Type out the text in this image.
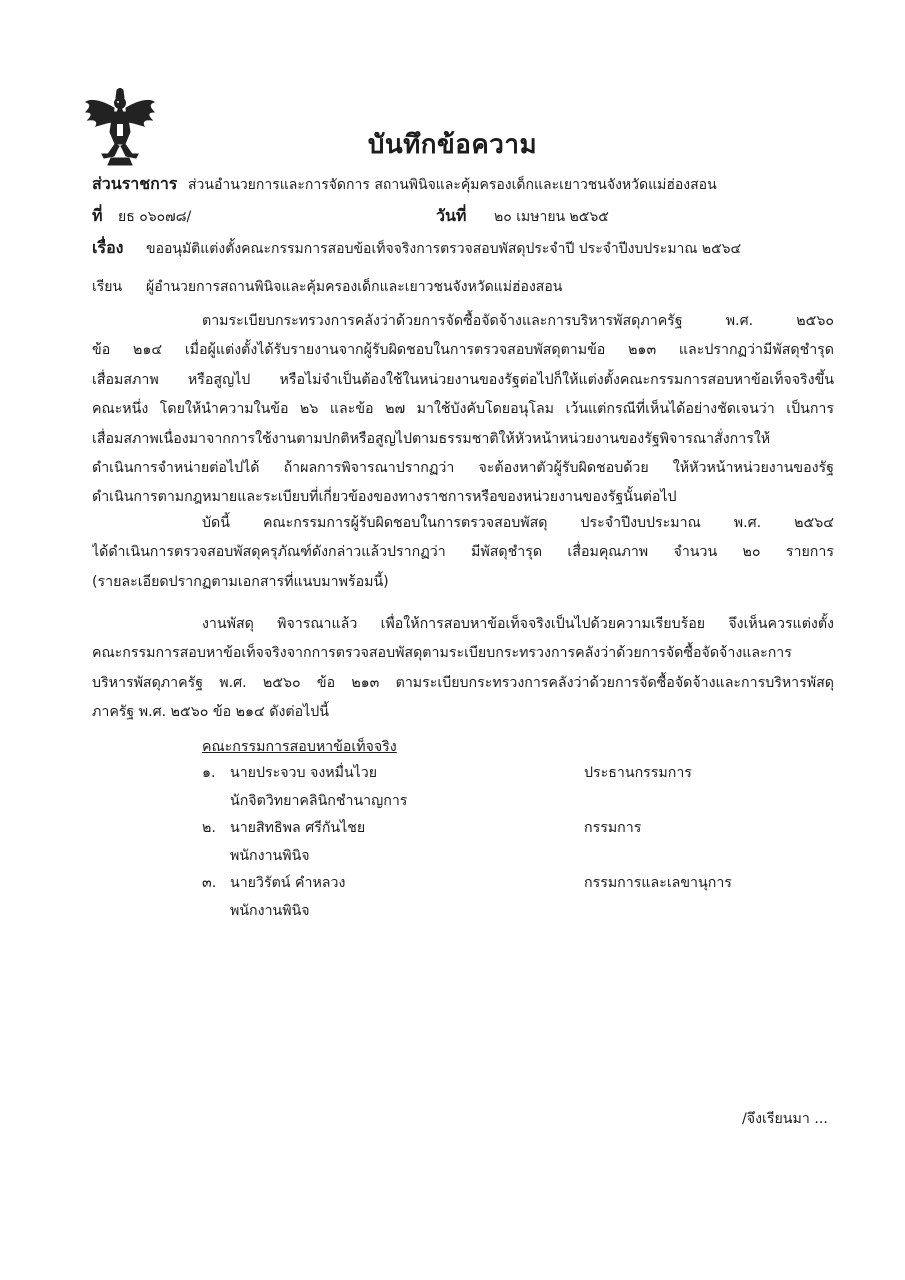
บันทึกข้อความ
ส่วนราชการ ส่วนอำนวยการและการจัดการ สถานพินิจและคุ้มครองเด็กและเยาวชนจังหวัดแม่ฮ่องสอน
ที่ ยธ ๐๖๐๗๘/	วันที่ ๒๐ เมษายน ๒๕๖๕
เรื่อง ขออนุมัติแต่งตั้งคณะกรรมการสอบข้อเท็จจริงการตรวจสอบพัสดุประจำปี ประจำปีงบประมาณ ๒๕๖๔
เรียน ผู้อำนวยการสถานพินิจและคุ้มครองเด็กและเยาวชนจังหวัดแม่ฮ่องสอน
ตามระเบียบกระทรวงการคลังว่าด้วยการจัดซื้อจัดจ้างและการบริหารพัสดุภาครัฐ พ.ศ. ๒๕๖๐
ข้อ ๒๑๔ เมื่อผู้แต่งตั้งได้รับรายงานจากผู้รับผิดชอบในการตรวจสอบพัสดุตามข้อ ๒๑๓ และปรากฏว่ามีพัสดุชำรุด
เสื่อมสภาพ หรือสูญไป หรือไม่จำเป็นต้องใช้ในหน่วยงานของรัฐต่อไปก็ให้แต่งตั้งคณะกรรมการสอบหาข้อเท็จจริงขึ้น
คณะหนึ่ง โดยให้นำความในข้อ ๒๖ และข้อ ๒๗ มาใช้บังคับโดยอนุโลม เว้นแต่กรณีที่เห็นได้อย่างชัดเจนว่า เป็นการ
เสื่อมสภาพเนื่องมาจากการใช้งานตามปกติหรือสูญไปตามธรรมชาติให้หัวหน้าหน่วยงานของรัฐพิจารณาสั่งการให้
ดำเนินการจำหน่ายต่อไปได้ ถ้าผลการพิจารณาปรากฏว่า จะต้องหาตัวผู้รับผิดชอบด้วย ให้หัวหน้าหน่วยงานของรัฐ
ดำเนินการตามกฎหมายและระเบียบที่เกี่ยวข้องของทางราชการหรือของหน่วยงานของรัฐนั้นต่อไป
บัดนี้ คณะกรรมการผู้รับผิดชอบในการตรวจสอบพัสดุ ประจำปีงบประมาณ พ.ศ. ๒๕๖๔
ได้ดำเนินการตรวจสอบพัสดุครุภัณฑ์ดังกล่าวแล้วปรากฏว่า มีพัสดุชำรุด เสื่อมคุณภาพ จำนวน ๒๐ รายการ
(รายละเอียดปรากฏตามเอกสารที่แนบมาพร้อมนี้)
งานพัสดุ พิจารณาแล้ว เพื่อให้การสอบหาข้อเท็จจริงเป็นไปด้วยความเรียบร้อย จึงเห็นควรแต่งตั้ง
คณะกรรมการสอบหาข้อเท็จจริงจากการตรวจสอบพัสดุตามระเบียบกระทรวงการคลังว่าด้วยการจัดซื้อจัดจ้างและการ
บริหารพัสดุภาครัฐ พ.ศ. ๒๕๖๐ ข้อ ๒๑๓ ตามระเบียบกระทรวงการคลังว่าด้วยการจัดซื้อจัดจ้างและการบริหารพัสดุ
ภาครัฐ พ.ศ. ๒๕๖๐ ข้อ ๒๑๔ ดังต่อไปนี้
คณะกรรมการสอบหาข้อเท็จจริง
๑. นายประจวบ จงหมื่นไวย
นักจิตวิทยาคลินิกชำนาญการ
ประธานกรรมการ
๒. นายสิทธิพล ศรีกันไชย
พนักงานพินิจ
กรรมการ
๓. นายวิรัตน์ คำหลวง
พนักงานพินิจ
กรรมการและเลขานุการ
/จึงเรียนมา ...
